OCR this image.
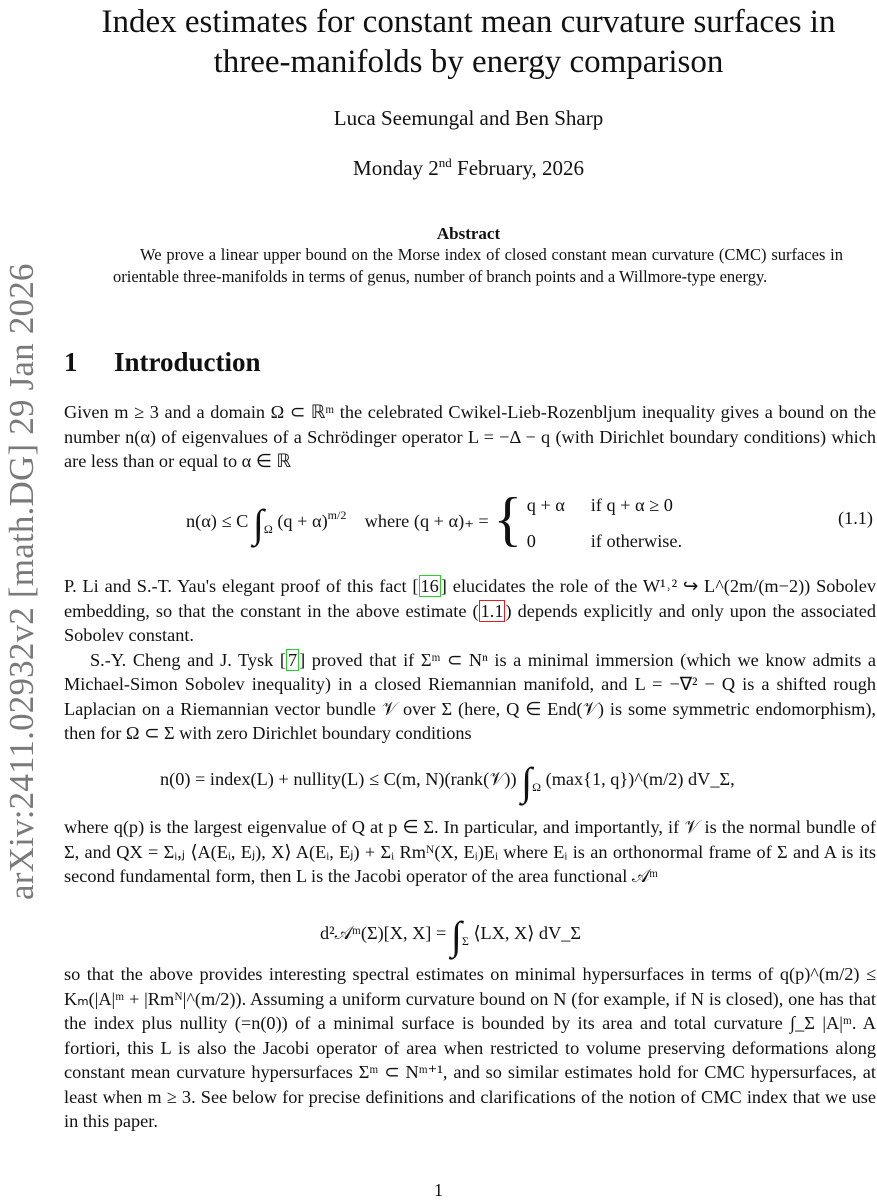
arXiv:2411.02932v2 [math.DG] 29 Jan 2026
Index estimates for constant mean curvature surfaces in
three-manifolds by energy comparison
Luca Seemungal and Ben Sharp
Monday 2nd February, 2026
Abstract

We prove a linear upper bound on the Morse index of closed constant mean curvature (CMC) surfaces in orientable three-manifolds in terms of genus, number of branch points and a Willmore-type energy.

1 Introduction

Given m ≥ 3 and a domain Ω ⊂ ℝᵐ the celebrated Cwikel-Lieb-Rozenbljum inequality gives a bound on the number n(α) of eigenvalues of a Schrödinger operator L = −Δ − q (with Dirichlet boundary conditions) which are less than or equal to α ∈ ℝ

n(α) ≤ C $\int_\Omega$ $(q + \alpha)^{m/2}$ where (q + α)₊ = { q + α if q + α ≥ 0
0	if otherwise.
(1.1)

P. Li and S.-T. Yau's elegant proof of this fact [ 16 ] elucidates the role of the W¹˒² ↪ L^(2m/(m−2)) Sobolev embedding, so that the constant in the above estimate ( 1.1 ) depends explicitly and only upon the associated Sobolev constant.

S.-Y. Cheng and J. Tysk [ 7 ] proved that if Σᵐ ⊂ Nⁿ is a minimal immersion (which we know admits a Michael-Simon Sobolev inequality) in a closed Riemannian manifold, and L = −∇² − Q is a shifted rough Laplacian on a Riemannian vector bundle 𝒱 over Σ (here, Q ∈ End(𝒱) is some symmetric endomorphism), then for Ω ⊂ Σ with zero Dirichlet boundary conditions

n(0) = index(L) + nullity(L) ≤ C(m, N)(rank(𝒱)) $\int_\Omega$ (max{1, q})^(m/2) dV_Σ,

where q(p) is the largest eigenvalue of Q at p ∈ Σ. In particular, and importantly, if 𝒱 is the normal bundle of Σ, and QX = Σᵢ,ⱼ ⟨A(Eᵢ, Eⱼ), X⟩ A(Eᵢ, Eⱼ) + Σᵢ Rmᴺ(X, Eᵢ)Eᵢ where Eᵢ is an orthonormal frame of Σ and A is its second fundamental form, then L is the Jacobi operator of the area functional 𝒜ᵐ

d²𝒜ᵐ(Σ)[X, $X] = \int_\Sigma$ ⟨LX, X⟩ dV_Σ

so that the above provides interesting spectral estimates on minimal hypersurfaces in terms of q(p)^(m/2) ≤ Kₘ(|A|ᵐ + |Rmᴺ|^(m/2)). Assuming a uniform curvature bound on N (for example, if N is closed), one has that the index plus nullity (=n(0)) of a minimal surface is bounded by its area and total curvature ∫_Σ |A|ᵐ. A fortiori, this L is also the Jacobi operator of area when restricted to volume preserving deformations along constant mean curvature hypersurfaces Σᵐ ⊂ Nᵐ⁺¹, and so similar estimates hold for CMC hypersurfaces, at least when m ≥ 3. See below for precise definitions and clarifications of the notion of CMC index that we use in this paper.

1
